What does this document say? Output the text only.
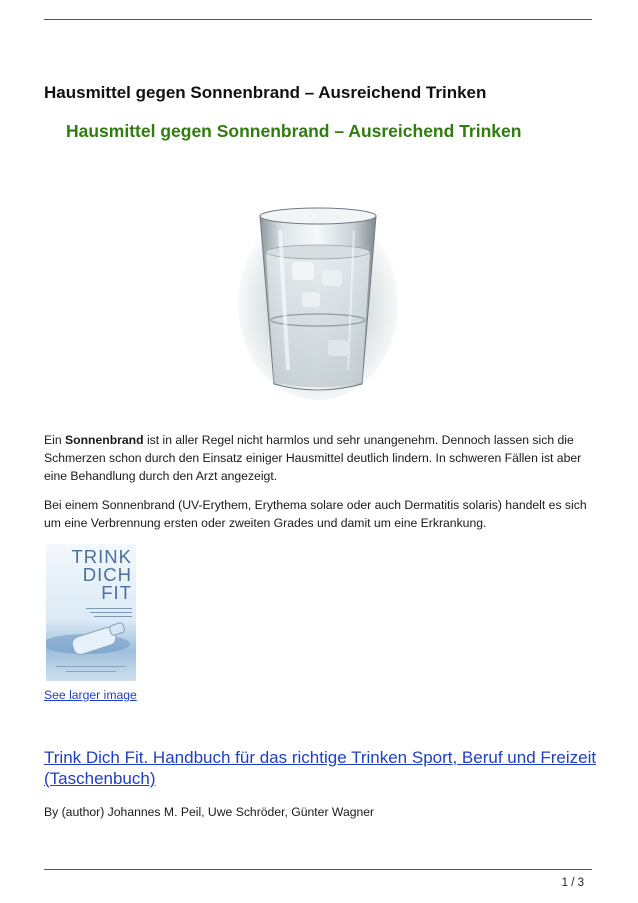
Hausmittel gegen Sonnenbrand – Ausreichend Trinken
Hausmittel gegen Sonnenbrand – Ausreichend Trinken

Ein Sonnenbrand ist in aller Regel nicht harmlos und sehr unangenehm. Dennoch lassen sich die Schmerzen schon durch den Einsatz einiger Hausmittel deutlich lindern. In schweren Fällen ist aber eine Behandlung durch den Arzt angezeigt.

Bei einem Sonnenbrand (UV-Erythem, Erythema solare oder auch Dermatitis solaris) handelt es sich um eine Verbrennung ersten oder zweiten Grades und damit um eine Erkrankung.

TRINK
DICH
FIT
See larger image
Trink Dich Fit. Handbuch für das richtige Trinken Sport, Beruf und Freizeit (Taschenbuch)
By (author) Johannes M. Peil, Uwe Schröder, Günter Wagner
1 / 3
